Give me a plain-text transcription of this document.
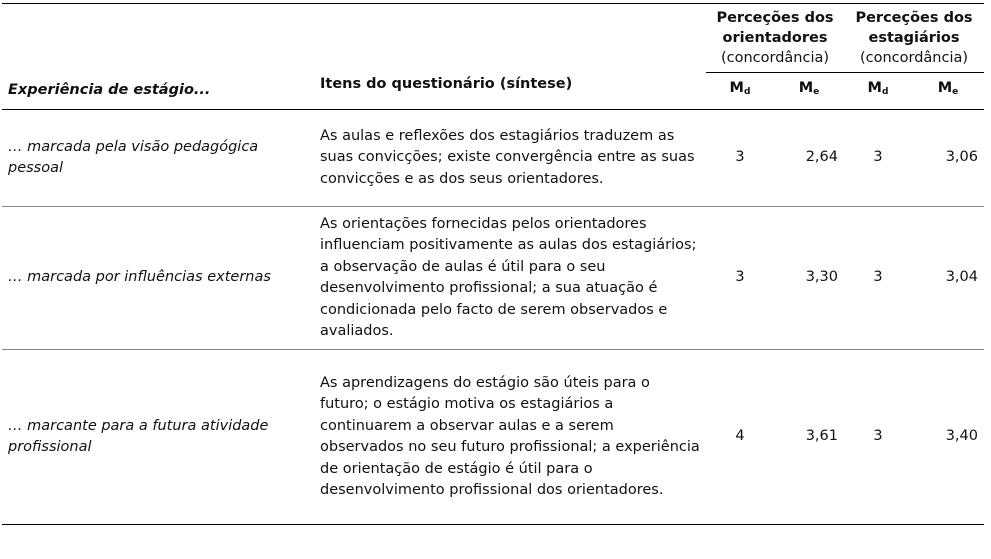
Experiência de estágio...	Itens do questionário (síntese)	Perceções dos
orientadores
(concordância)		Perceções dos
estagiários
(concordância)	

		$M_d$	$M_e$	$M_d$	$M_e$
… marcada pela visão pedagógica pessoal	As aulas e reflexões dos estagiários traduzem as suas convicções; existe convergência entre as suas convicções e as dos seus orientadores.	3	2,64	3	3,06
… marcada por influências externas	As orientações fornecidas pelos orientadores influenciam positivamente as aulas dos estagiários; a observação de aulas é útil para o seu desenvolvimento profissional; a sua atuação é condicionada pelo facto de serem observados e avaliados.	3	3,30	3	3,04
… marcante para a futura atividade profissional	As aprendizagens do estágio são úteis para o futuro; o estágio motiva os estagiários a continuarem a observar aulas e a serem observados no seu futuro profissional; a experiência de orientação de estágio é útil para o desenvolvimento profissional dos orientadores.	4	3,61	3	3,40
